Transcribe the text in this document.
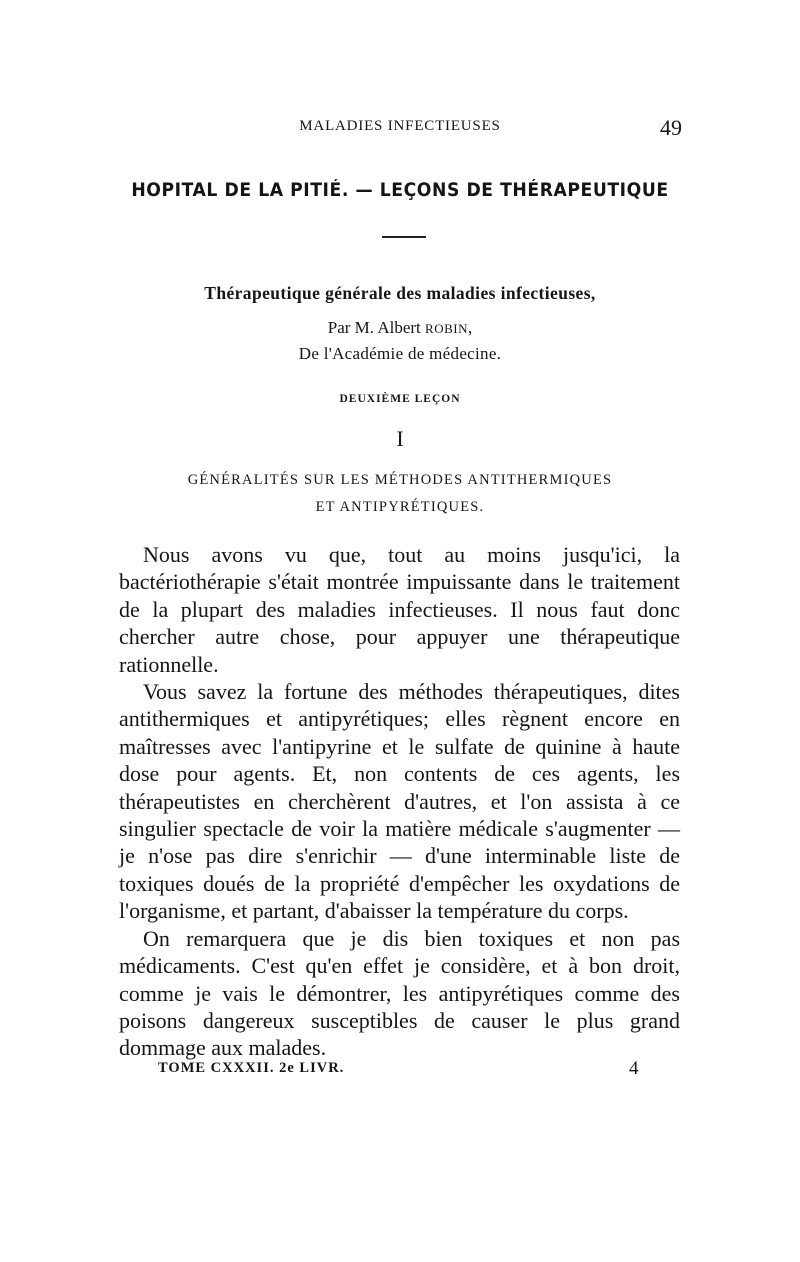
MALADIES INFECTIEUSES	49
HOPITAL DE LA PITIÉ. — LEÇONS DE THÉRAPEUTIQUE
Thérapeutique générale des maladies infectieuses,
Par M. Albert ROBIN,
De l'Académie de médecine.
DEUXIÈME LEÇON
I
GÉNÉRALITÉS SUR LES MÉTHODES ANTITHERMIQUES
ET ANTIPYRÉTIQUES.

Nous avons vu que, tout au moins jusqu'ici, la bactériothérapie s'était montrée impuissante dans le traitement de la plupart des maladies infectieuses. Il nous faut donc chercher autre chose, pour appuyer une thérapeutique rationnelle.

Vous savez la fortune des méthodes thérapeutiques, dites antithermiques et antipyrétiques; elles règnent encore en maîtresses avec l'antipyrine et le sulfate de quinine à haute dose pour agents. Et, non contents de ces agents, les thérapeutistes en cherchèrent d'autres, et l'on assista à ce singulier spectacle de voir la matière médicale s'augmenter — je n'ose pas dire s'enrichir — d'une interminable liste de toxiques doués de la propriété d'empêcher les oxydations de l'organisme, et partant, d'abaisser la température du corps.

On remarquera que je dis bien toxiques et non pas médicaments. C'est qu'en effet je considère, et à bon droit, comme je vais le démontrer, les antipyrétiques comme des poisons dangereux susceptibles de causer le plus grand dommage aux malades.

TOME CXXXII. 2e LIVR.	4
